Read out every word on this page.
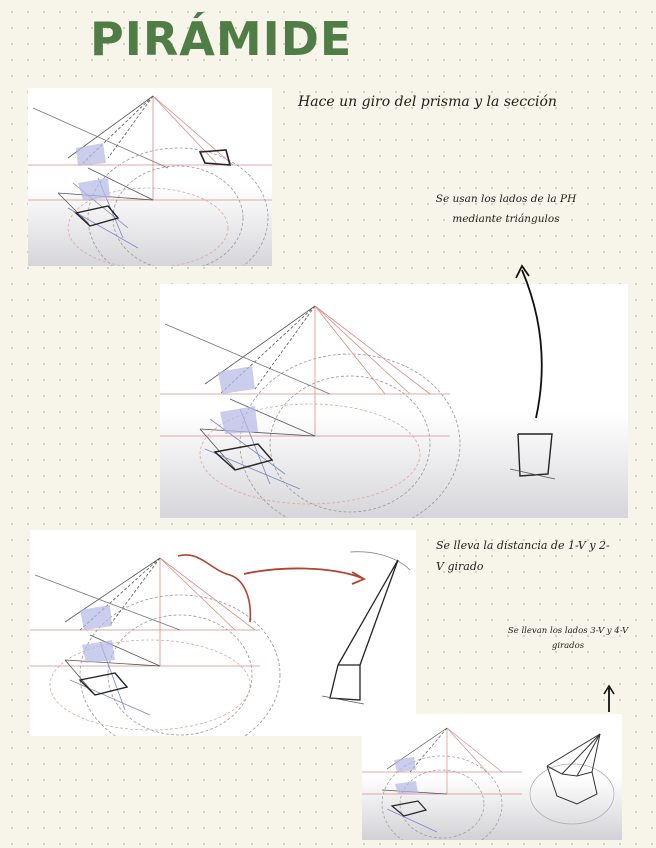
PIRÁMIDE

Hace un giro del prisma y la sección

Se usan los lados de la PH mediante triángulos

Se lleva la distancia de 1-V y 2-V girado

Se llevan los lados 3-V y 4-V girados
